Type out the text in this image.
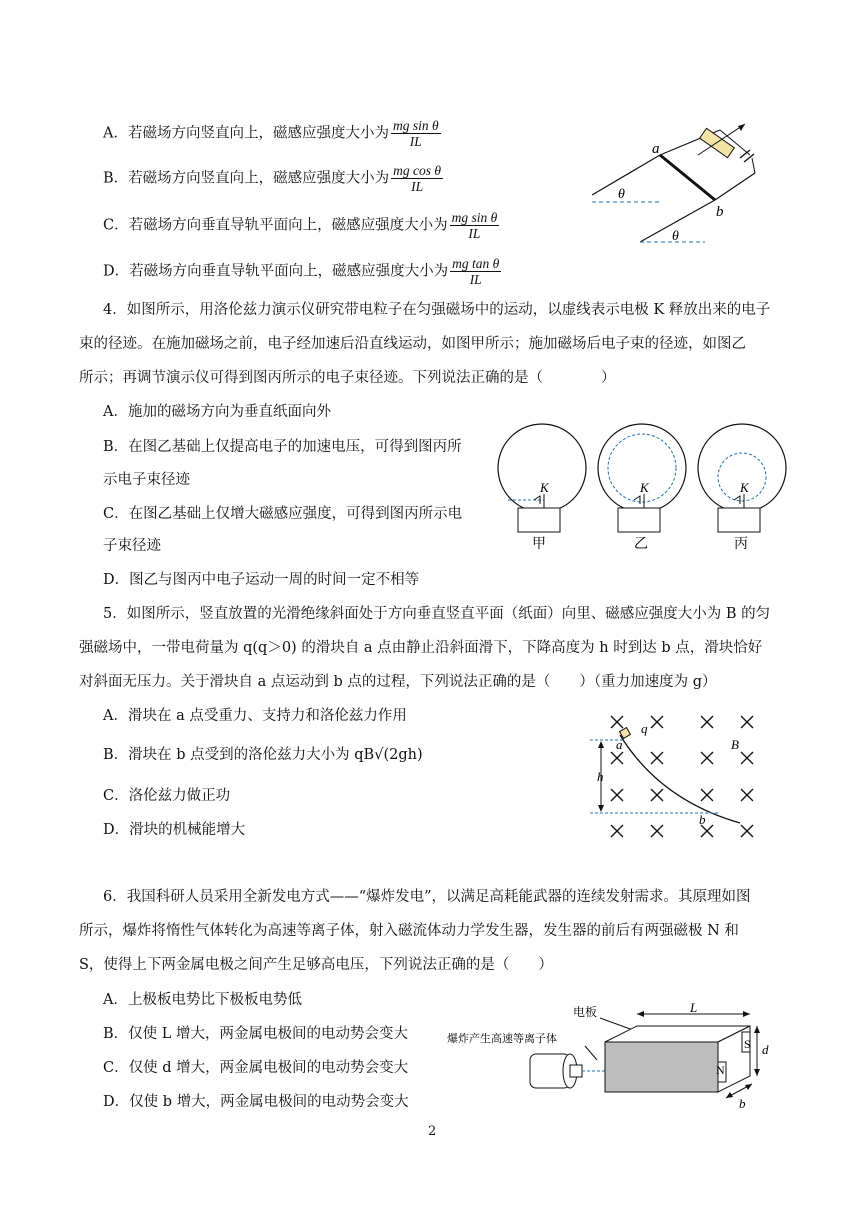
A．若磁场方向竖直向上，磁感应强度大小为 $\frac{\text{mg sin θ}}{IL}$
B．若磁场方向竖直向上，磁感应强度大小为 $\frac{\text{mg cos θ}}{IL}$
C．若磁场方向垂直导轨平面向上，磁感应强度大小为 $\frac{\text{mg sin θ}}{IL}$
D．若磁场方向垂直导轨平面向上，磁感应强度大小为 $\frac{\text{mg tan θ}}{IL}$
a
b
θ
θ
4．如图所示，用洛伦兹力演示仪研究带电粒子在匀强磁场中的运动，以虚线表示电极 K 释放出来的电子
束的径迹。在施加磁场之前，电子经加速后沿直线运动，如图甲所示；施加磁场后电子束的径迹，如图乙
所示；再调节演示仪可得到图丙所示的电子束径迹。下列说法正确的是（　　　　）
A．施加的磁场方向为垂直纸面向外
B．在图乙基础上仅提高电子的加速电压，可得到图丙所
示电子束径迹
C．在图乙基础上仅增大磁感应强度，可得到图丙所示电
子束径迹
D．图乙与图丙中电子运动一周的时间一定不相等
K
甲
K
乙
K
丙
5．如图所示，竖直放置的光滑绝缘斜面处于方向垂直竖直平面（纸面）向里、磁感应强度大小为 B 的匀
强磁场中，一带电荷量为 q(q＞0) 的滑块自 a 点由静止沿斜面滑下，下降高度为 h 时到达 b 点，滑块恰好
对斜面无压力。关于滑块自 a 点运动到 b 点的过程，下列说法正确的是（　　）（重力加速度为 g）
A．滑块在 a 点受重力、支持力和洛伦兹力作用
B．滑块在 b 点受到的洛伦兹力大小为 qB√(2gh)
C．洛伦兹力做正功
D．滑块的机械能增大
h
a
b
q
B
6．我国科研人员采用全新发电方式——“爆炸发电”，以满足高耗能武器的连续发射需求。其原理如图
所示，爆炸将惰性气体转化为高速等离子体，射入磁流体动力学发生器，发生器的前后有两强磁极 N 和
S，使得上下两金属电极之间产生足够高电压，下列说法正确的是（　　）
A．上极板电势比下极板电势低
B．仅使 L 增大，两金属电极间的电动势会变大
C．仅使 d 增大，两金属电极间的电动势会变大
D．仅使 b 增大，两金属电极间的电动势会变大
电板
爆炸产生高速等离子体
L
d
b
S
N
2
